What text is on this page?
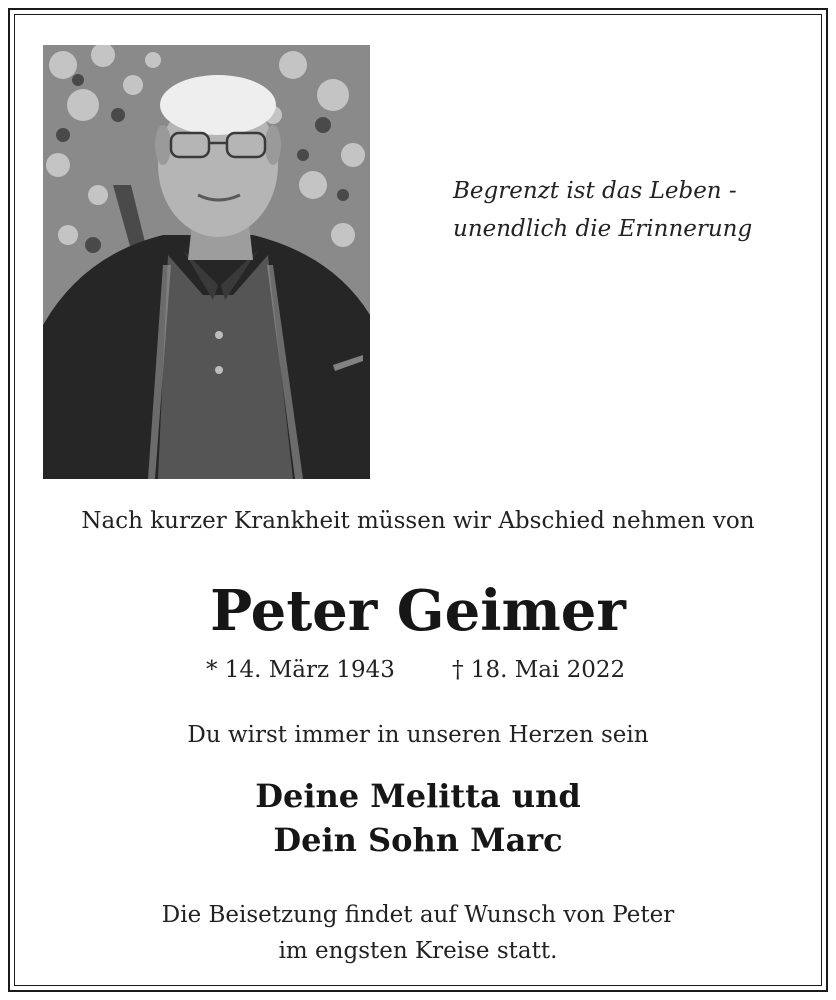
Begrenzt ist das Leben -
unendlich die Erinnerung
Nach kurzer Krankheit müssen wir Abschied nehmen von
Peter Geimer
* 14. März 1943 † 18. Mai 2022
Du wirst immer in unseren Herzen sein
Deine Melitta und
Dein Sohn Marc
Die Beisetzung findet auf Wunsch von Peter
im engsten Kreise statt.
